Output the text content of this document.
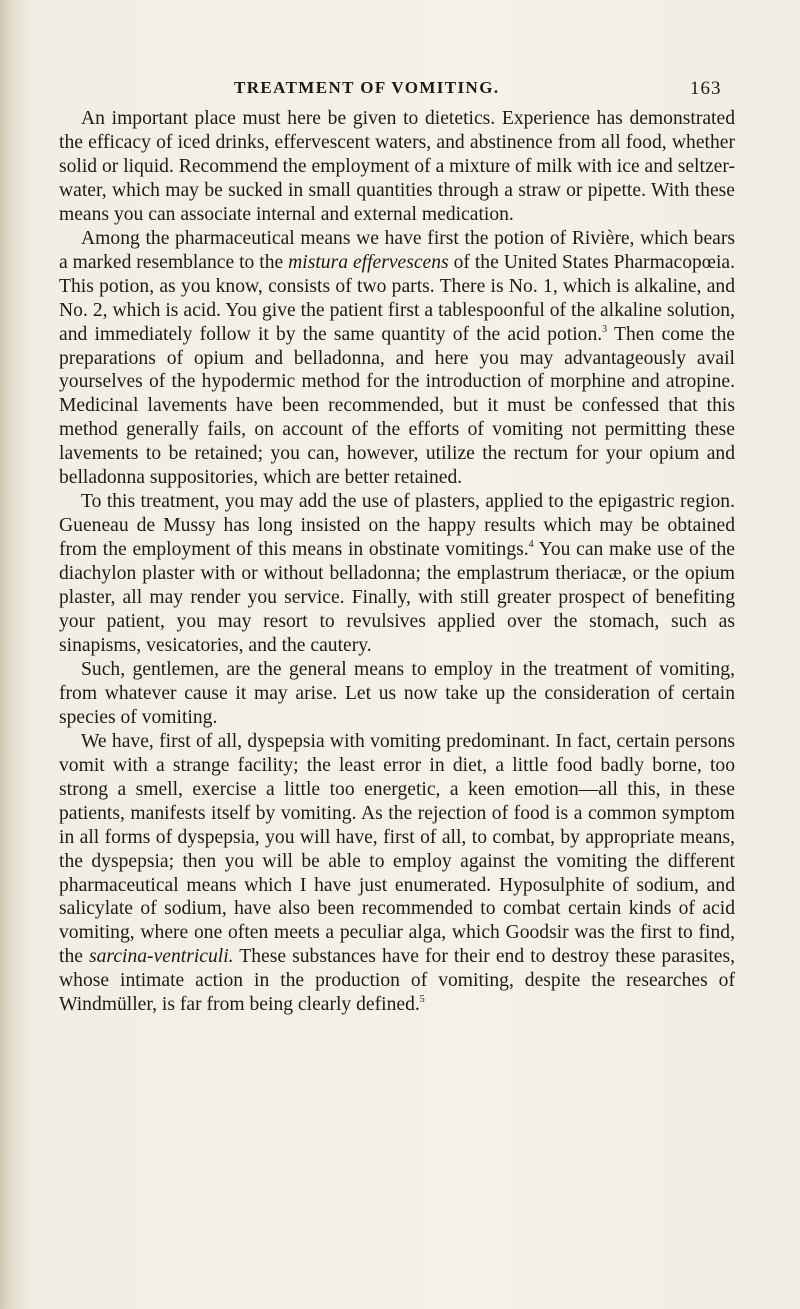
TREATMENT OF VOMITING.	163

An important place must here be given to dietetics. Experience has demonstrated the efficacy of iced drinks, effervescent waters, and abstinence from all food, whether solid or liquid. Recommend the employment of a mixture of milk with ice and seltzer-water, which may be sucked in small quantities through a straw or pipette. With these means you can associate internal and external medication.

Among the pharmaceutical means we have first the potion of Rivière, which bears a marked resemblance to the mistura effervescens of the United States Pharmacopœia. This potion, as you know, consists of two parts. There is No. 1, which is alkaline, and No. 2, which is acid. You give the patient first a tablespoonful of the alkaline solution, and immediately follow it by the same quantity of the acid potion.$^3$ Then come the preparations of opium and belladonna, and here you may advantageously avail yourselves of the hypodermic method for the introduction of morphine and atropine. Medicinal lavements have been recommended, but it must be confessed that this method generally fails, on account of the efforts of vomiting not permitting these lavements to be retained; you can, however, utilize the rectum for your opium and belladonna suppositories, which are better retained.

To this treatment, you may add the use of plasters, applied to the epigastric region. Gueneau de Mussy has long insisted on the happy results which may be obtained from the employment of this means in obstinate vomitings.$^4$ You can make use of the diachylon plaster with or without belladonna; the emplastrum theriacæ, or the opium plaster, all may render you service. Finally, with still greater prospect of benefiting your patient, you may resort to revulsives applied over the stomach, such as sinapisms, vesicatories, and the cautery.

Such, gentlemen, are the general means to employ in the treatment of vomiting, from whatever cause it may arise. Let us now take up the consideration of certain species of vomiting.

We have, first of all, dyspepsia with vomiting predominant. In fact, certain persons vomit with a strange facility; the least error in diet, a little food badly borne, too strong a smell, exercise a little too energetic, a keen emotion—all this, in these patients, manifests itself by vomiting. As the rejection of food is a common symptom in all forms of dyspepsia, you will have, first of all, to combat, by appropriate means, the dyspepsia; then you will be able to employ against the vomiting the different pharmaceutical means which I have just enumerated. Hyposulphite of sodium, and salicylate of sodium, have also been recommended to combat certain kinds of acid vomiting, where one often meets a peculiar alga, which Goodsir was the first to find, the sarcina-ventriculi. These substances have for their end to destroy these parasites, whose intimate action in the production of vomiting, despite the researches of Windmüller, is far from being clearly defined.$^5$
